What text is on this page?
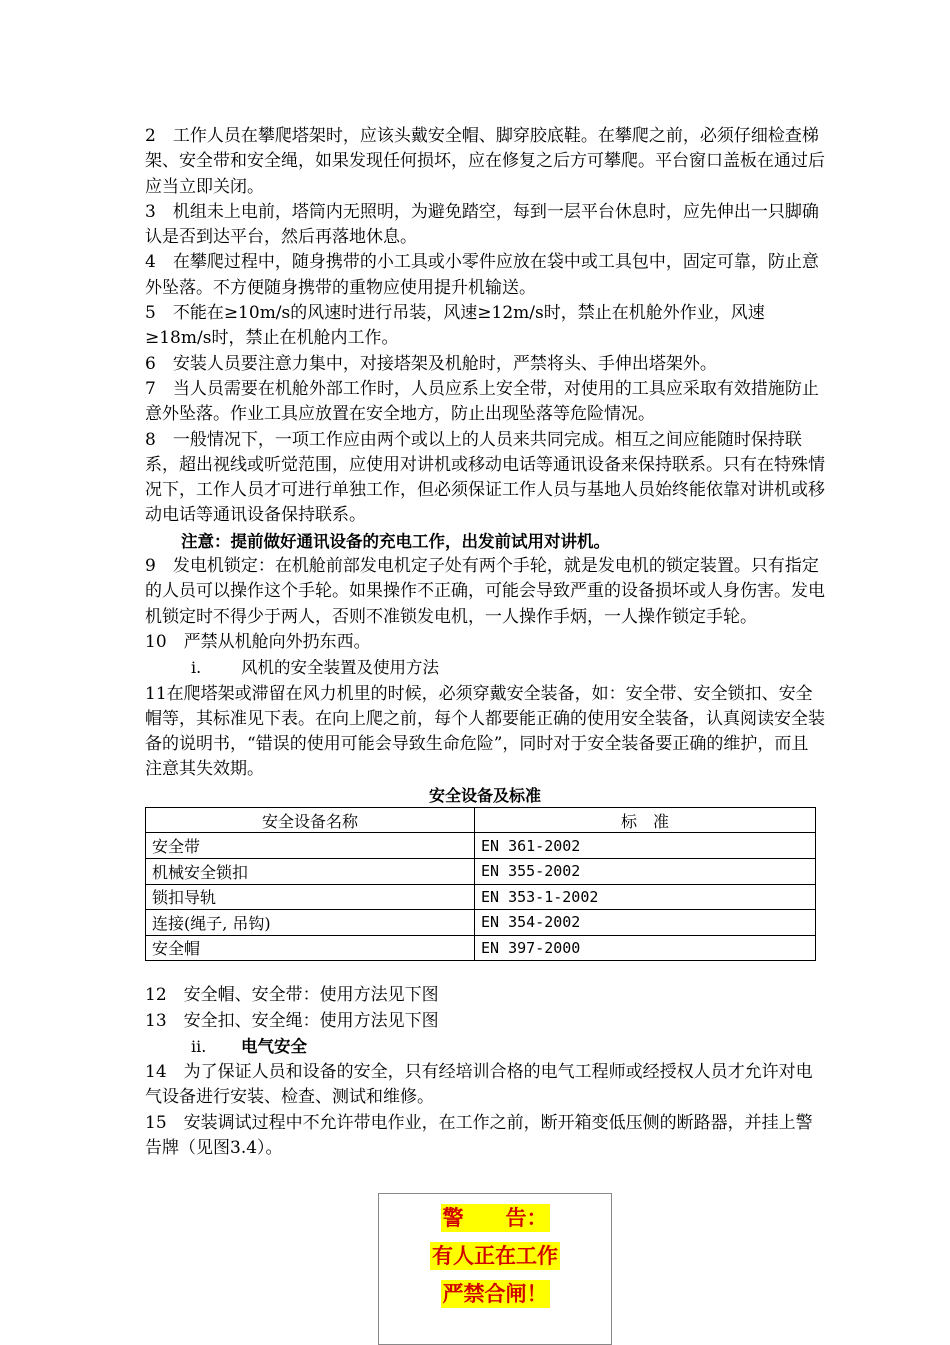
2　工作人员在攀爬塔架时，应该头戴安全帽、脚穿胶底鞋。在攀爬之前，必须仔细检查梯架、安全带和安全绳，如果发现任何损坏，应在修复之后方可攀爬。平台窗口盖板在通过后应当立即关闭。

3　机组未上电前，塔筒内无照明，为避免踏空，每到一层平台休息时，应先伸出一只脚确认是否到达平台，然后再落地休息。

4　在攀爬过程中，随身携带的小工具或小零件应放在袋中或工具包中，固定可靠，防止意外坠落。不方便随身携带的重物应使用提升机输送。

5　不能在≥10m/s的风速时进行吊装，风速≥12m/s时，禁止在机舱外作业，风速≥18m/s时，禁止在机舱内工作。

6　安装人员要注意力集中，对接塔架及机舱时，严禁将头、手伸出塔架外。

7　当人员需要在机舱外部工作时，人员应系上安全带，对使用的工具应采取有效措施防止意外坠落。作业工具应放置在安全地方，防止出现坠落等危险情况。

8　一般情况下，一项工作应由两个或以上的人员来共同完成。相互之间应能随时保持联系，超出视线或听觉范围，应使用对讲机或移动电话等通讯设备来保持联系。只有在特殊情况下，工作人员才可进行单独工作，但必须保证工作人员与基地人员始终能依靠对讲机或移动电话等通讯设备保持联系。

注意：提前做好通讯设备的充电工作，出发前试用对讲机。

9　发电机锁定：在机舱前部发电机定子处有两个手轮，就是发电机的锁定装置。只有指定的人员可以操作这个手轮。如果操作不正确，可能会导致严重的设备损坏或人身伤害。发电机锁定时不得少于两人，否则不准锁发电机，一人操作手炳，一人操作锁定手轮。

10　严禁从机舱向外扔东西。

i. 风机的安全装置及使用方法

11在爬塔架或滞留在风力机里的时候，必须穿戴安全装备，如：安全带、安全锁扣、安全帽等，其标准见下表。在向上爬之前，每个人都要能正确的使用安全装备，认真阅读安全装备的说明书，“错误的使用可能会导致生命危险”，同时对于安全装备要正确的维护，而且注意其失效期。

安全设备及标准
安全设备名称	标　准
安全带	EN 361-2002
机械安全锁扣	EN 355-2002
锁扣导轨	EN 353-1-2002
连接(绳子, 吊钩)	EN 354-2002
安全帽	EN 397-2000

12　安全帽、安全带：使用方法见下图

13　安全扣、安全绳：使用方法见下图

ii. 电气安全

14　为了保证人员和设备的安全，只有经培训合格的电气工程师或经授权人员才允许对电气设备进行安装、检查、测试和维修。

15　安装调试过程中不允许带电作业，在工作之前，断开箱变低压侧的断路器，并挂上警告牌（见图3.4）。

警　　告：
有人正在工作
严禁合闸！
